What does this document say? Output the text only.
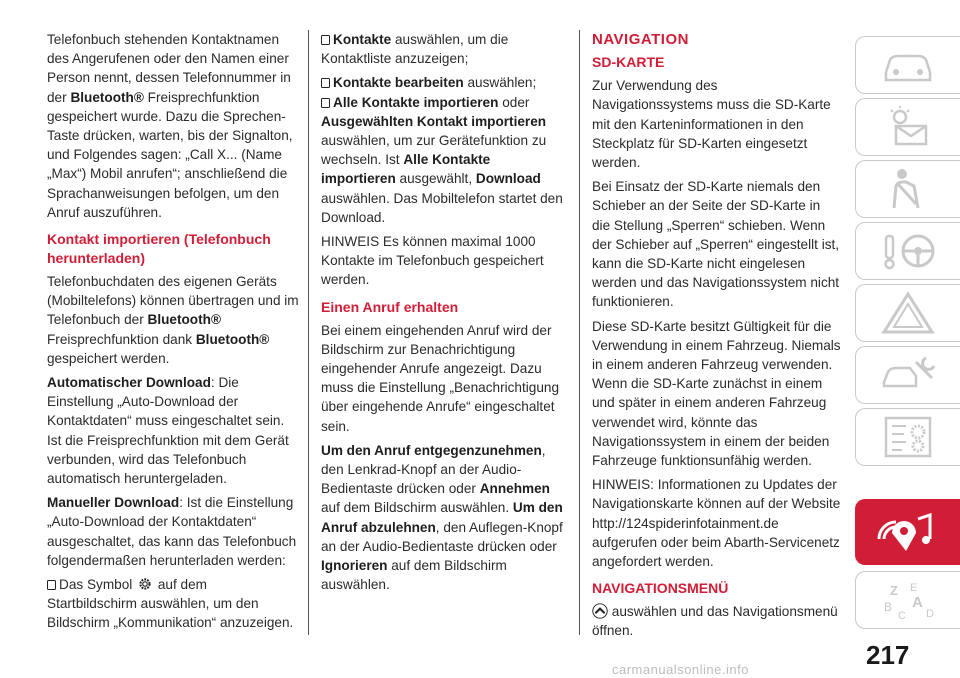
Telefonbuch stehenden Kontaktnamen des Angerufenen oder den Namen einer Person nennt, dessen Telefonnummer in der Bluetooth® Freisprechfunktion gespeichert wurde. Dazu die Sprechen-Taste drücken, warten, bis der Signalton, und Folgendes sagen: „Call X... (Name „Max“) Mobil anrufen“; anschließend die Sprachanweisungen befolgen, um den Anruf auszuführen.

Kontakt importieren (Telefonbuch herunterladen)

Telefonbuchdaten des eigenen Geräts (Mobiltelefons) können übertragen und im Telefonbuch der Bluetooth® Freisprechfunktion dank Bluetooth® gespeichert werden.

Automatischer Download: Die Einstellung „Auto-Download der Kontaktdaten“ muss eingeschaltet sein. Ist die Freisprechfunktion mit dem Gerät verbunden, wird das Telefonbuch automatisch heruntergeladen.

Manueller Download: Ist die Einstellung „Auto-Download der Kontaktdaten“ ausgeschaltet, das kann das Telefonbuch folgendermaßen herunterladen werden:

Das Symbol  auf dem Startbildschirm auswählen, um den Bildschirm „Kommunikation“ anzuzeigen.

Kontakte auswählen, um die Kontaktliste anzuzeigen;

Kontakte bearbeiten auswählen;

Alle Kontakte importieren oder Ausgewählten Kontakt importieren auswählen, um zur Gerätefunktion zu wechseln. Ist Alle Kontakte importieren ausgewählt, Download auswählen. Das Mobiltelefon startet den Download.

HINWEIS Es können maximal 1000 Kontakte im Telefonbuch gespeichert werden.

Einen Anruf erhalten

Bei einem eingehenden Anruf wird der Bildschirm zur Benachrichtigung eingehender Anrufe angezeigt. Dazu muss die Einstellung „Benachrichtigung über eingehende Anrufe“ eingeschaltet sein.

Um den Anruf entgegenzunehmen, den Lenkrad-Knopf an der Audio-Bedientaste drücken oder Annehmen auf dem Bildschirm auswählen. Um den Anruf abzulehnen, den Auflegen-Knopf an der Audio-Bedientaste drücken oder Ignorieren auf dem Bildschirm auswählen.

NAVIGATION
SD-KARTE

Zur Verwendung des Navigationssystems muss die SD-Karte mit den Karteninformationen in den Steckplatz für SD-Karten eingesetzt werden.

Bei Einsatz der SD-Karte niemals den Schieber an der Seite der SD-Karte in die Stellung „Sperren“ schieben. Wenn der Schieber auf „Sperren“ eingestellt ist, kann die SD-Karte nicht eingelesen werden und das Navigationssystem nicht funktionieren.

Diese SD-Karte besitzt Gültigkeit für die Verwendung in einem Fahrzeug. Niemals in einem anderen Fahrzeug verwenden. Wenn die SD-Karte zunächst in einem und später in einem anderen Fahrzeug verwendet wird, könnte das Navigationssystem in einem der beiden Fahrzeuge funktionsunfähig werden.

HINWEIS: Informationen zu Updates der Navigationskarte können auf der Website http://124spiderinfotainment.de aufgerufen oder beim Abarth-Servicenetz angefordert werden.

NAVIGATIONSMENÜ

auswählen und das Navigationsmenü öffnen.

Z E
A
B
C D
217
carmanualsonline.info
